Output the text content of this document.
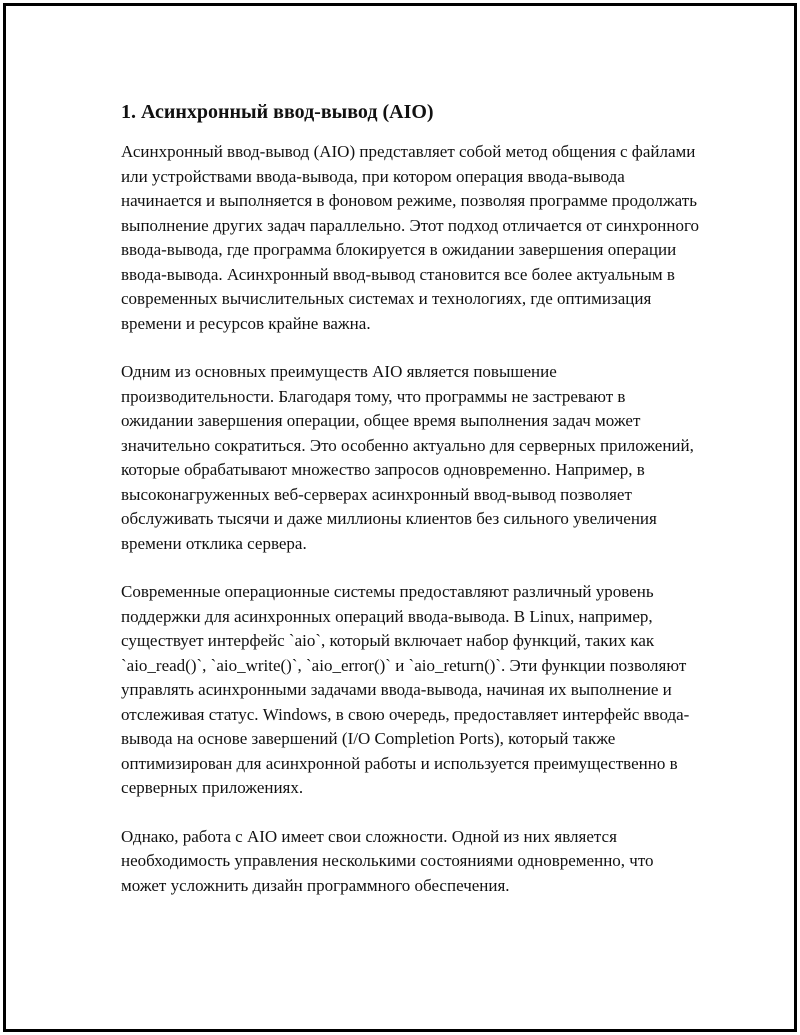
1. Асинхронный ввод-вывод (AIO)

Асинхронный ввод-вывод (AIO) представляет собой метод общения с файлами или устройствами ввода-вывода, при котором операция ввода-вывода начинается и выполняется в фоновом режиме, позволяя программе продолжать выполнение других задач параллельно. Этот подход отличается от синхронного ввода-вывода, где программа блокируется в ожидании завершения операции ввода-вывода. Асинхронный ввод-вывод становится все более актуальным в современных вычислительных системах и технологиях, где оптимизация времени и ресурсов крайне важна.

Одним из основных преимуществ AIO является повышение производительности. Благодаря тому, что программы не застревают в ожидании завершения операции, общее время выполнения задач может значительно сократиться. Это особенно актуально для серверных приложений, которые обрабатывают множество запросов одновременно. Например, в высоконагруженных веб-серверах асинхронный ввод-вывод позволяет обслуживать тысячи и даже миллионы клиентов без сильного увеличения времени отклика сервера.

Современные операционные системы предоставляют различный уровень поддержки для асинхронных операций ввода-вывода. В Linux, например, существует интерфейс `aio`, который включает набор функций, таких как `aio_read()`, `aio_write()`, `aio_error()` и `aio_return()`. Эти функции позволяют управлять асинхронными задачами ввода-вывода, начиная их выполнение и отслеживая статус. Windows, в свою очередь, предоставляет интерфейс ввода-вывода на основе завершений (I/O Completion Ports), который также оптимизирован для асинхронной работы и используется преимущественно в серверных приложениях.

Однако, работа с AIO имеет свои сложности. Одной из них является необходимость управления несколькими состояниями одновременно, что может усложнить дизайн программного обеспечения.
